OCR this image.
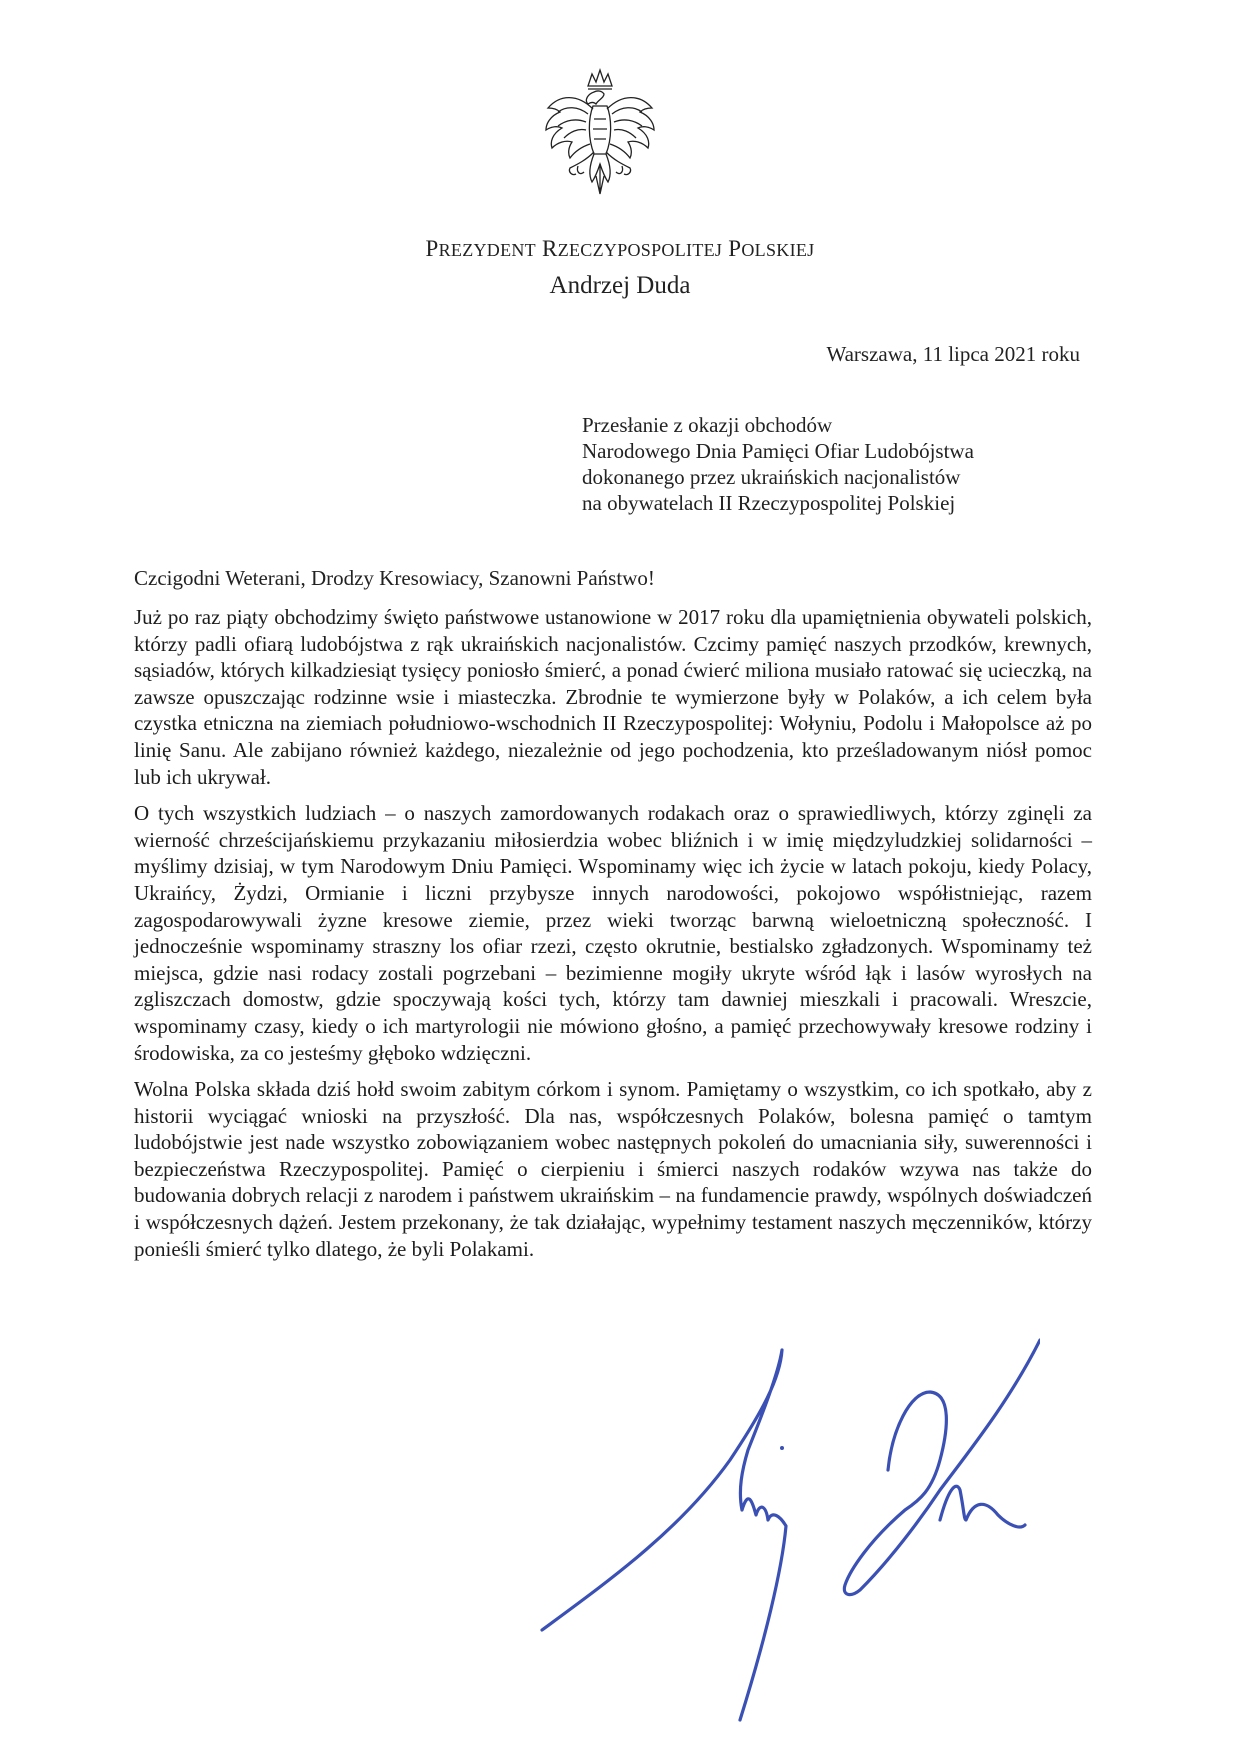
PREZYDENT RZECZYPOSPOLITEJ POLSKIEJ
Andrzej Duda
Warszawa, 11 lipca 2021 roku
Przesłanie z okazji obchodów
Narodowego Dnia Pamięci Ofiar Ludobójstwa
dokonanego przez ukraińskich nacjonalistów
na obywatelach II Rzeczypospolitej Polskiej
Czcigodni Weterani, Drodzy Kresowiacy, Szanowni Państwo!

Już po raz piąty obchodzimy święto państwowe ustanowione w 2017 roku dla upamiętnienia obywateli polskich, którzy padli ofiarą ludobójstwa z rąk ukraińskich nacjonalistów. Czcimy pamięć naszych przodków, krewnych, sąsiadów, których kilkadziesiąt tysięcy poniosło śmierć, a ponad ćwierć miliona musiało ratować się ucieczką, na zawsze opuszczając rodzinne wsie i miasteczka. Zbrodnie te wymierzone były w Polaków, a ich celem była czystka etniczna na ziemiach południowo-wschodnich II Rzeczypospolitej: Wołyniu, Podolu i Małopolsce aż po linię Sanu. Ale zabijano również każdego, niezależnie od jego pochodzenia, kto prześladowanym niósł pomoc lub ich ukrywał.

O tych wszystkich ludziach – o naszych zamordowanych rodakach oraz o sprawiedliwych, którzy zginęli za wierność chrześcijańskiemu przykazaniu miłosierdzia wobec bliźnich i w imię międzyludzkiej solidarności – myślimy dzisiaj, w tym Narodowym Dniu Pamięci. Wspominamy więc ich życie w latach pokoju, kiedy Polacy, Ukraińcy, Żydzi, Ormianie i liczni przybysze innych narodowości, pokojowo współistniejąc, razem zagospodarowywali żyzne kresowe ziemie, przez wieki tworząc barwną wieloetniczną społeczność. I jednocześnie wspominamy straszny los ofiar rzezi, często okrutnie, bestialsko zgładzonych. Wspominamy też miejsca, gdzie nasi rodacy zostali pogrzebani – bezimienne mogiły ukryte wśród łąk i lasów wyrosłych na zgliszczach domostw, gdzie spoczywają kości tych, którzy tam dawniej mieszkali i pracowali. Wreszcie, wspominamy czasy, kiedy o ich martyrologii nie mówiono głośno, a pamięć przechowywały kresowe rodziny i środowiska, za co jesteśmy głęboko wdzięczni.

Wolna Polska składa dziś hołd swoim zabitym córkom i synom. Pamiętamy o wszystkim, co ich spotkało, aby z historii wyciągać wnioski na przyszłość. Dla nas, współczesnych Polaków, bolesna pamięć o tamtym ludobójstwie jest nade wszystko zobowiązaniem wobec następnych pokoleń do umacniania siły, suwerenności i bezpieczeństwa Rzeczypospolitej. Pamięć o cierpieniu i śmierci naszych rodaków wzywa nas także do budowania dobrych relacji z narodem i państwem ukraińskim – na fundamencie prawdy, wspólnych doświadczeń i współczesnych dążeń. Jestem przekonany, że tak działając, wypełnimy testament naszych męczenników, którzy ponieśli śmierć tylko dlatego, że byli Polakami.
